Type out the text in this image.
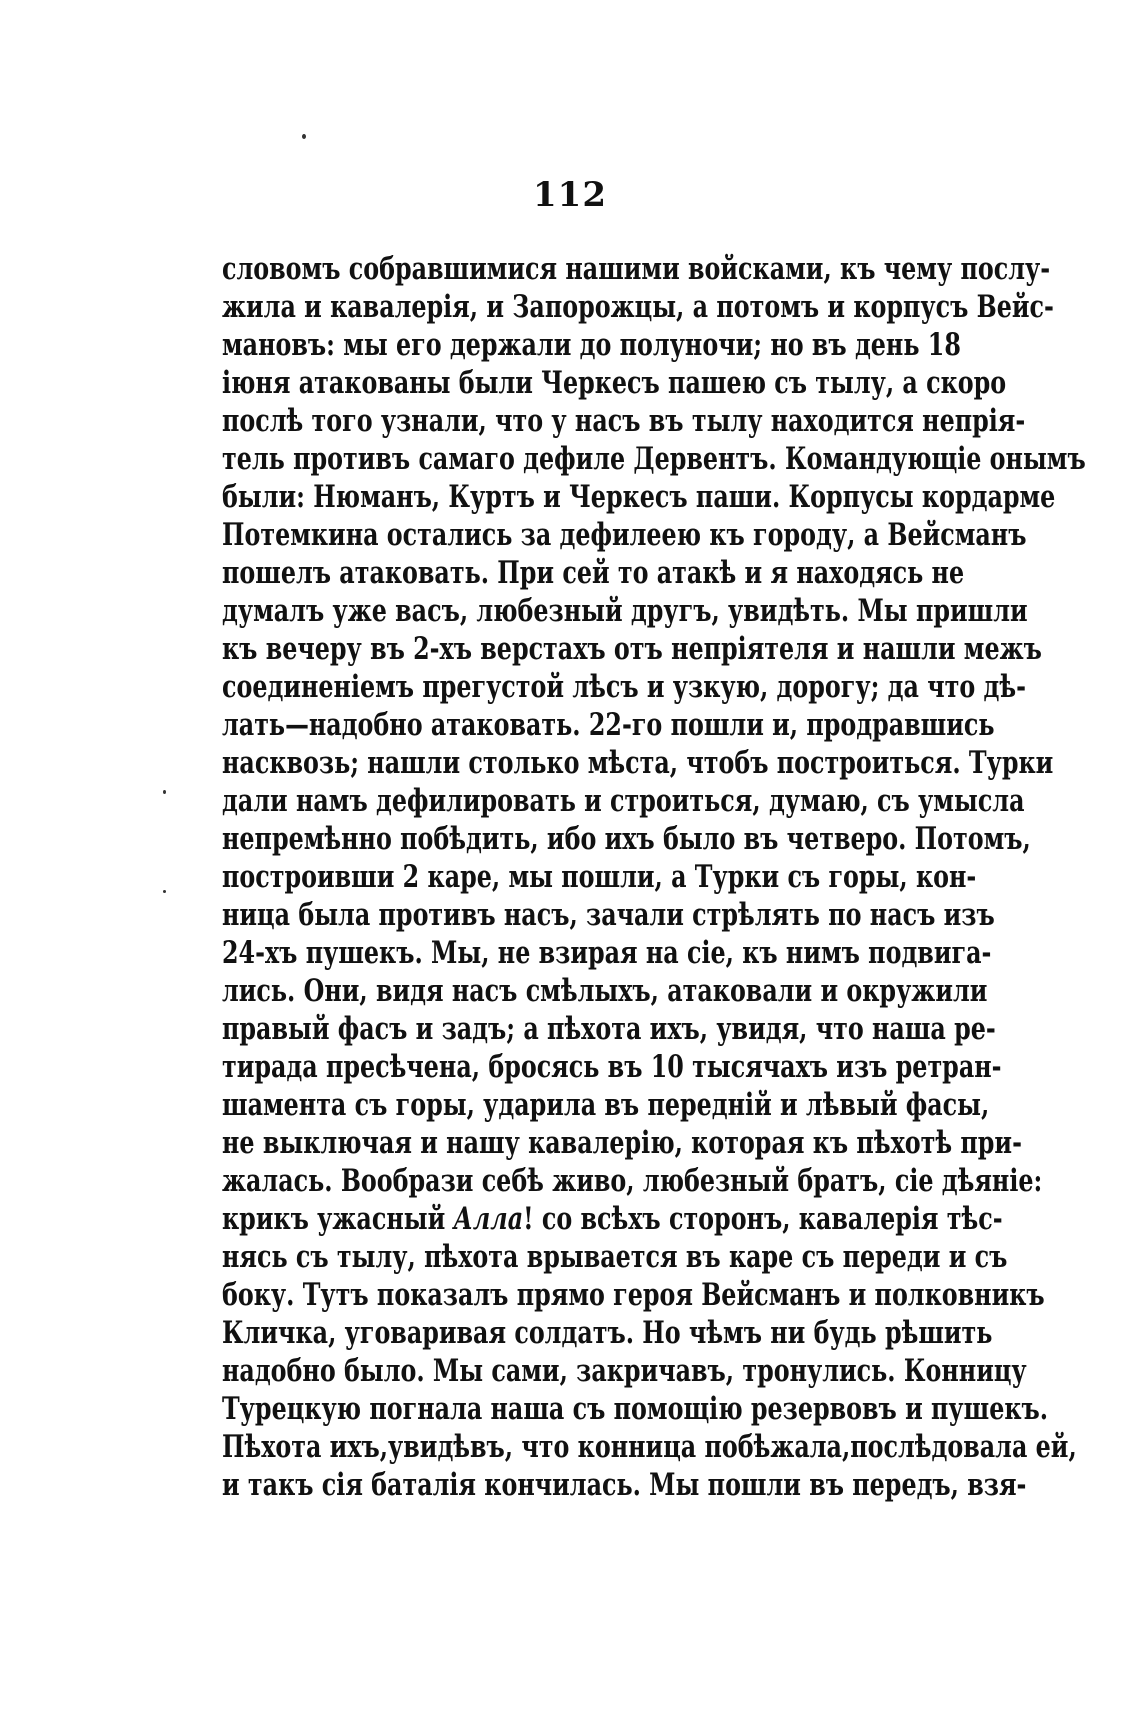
112
словомъ собравшимися нашими войсками, къ чему послу-
жила и кавалерія, и Запорожцы, а потомъ и корпусъ Вейс-
мановъ: мы его держали до полуночи; но въ день 18
іюня атакованы были Черкесъ пашею съ тылу, а скоро
послѣ того узнали, что у насъ въ тылу находится непрія-
тель противъ самаго дефиле Дервентъ. Командующіе онымъ
были: Нюманъ, Куртъ и Черкесъ паши. Корпусы кордарме
Потемкина остались за дефилеею къ городу, а Вейсманъ
пошелъ атаковать. При сей то атакѣ и я находясь не
думалъ уже васъ, любезный другъ, увидѣть. Мы пришли
къ вечеру въ 2-хъ верстахъ отъ непріятеля и нашли межъ
соединеніемъ прегустой лѣсъ и узкую, дорогу; да что дѣ-
лать—надобно атаковать. 22-го пошли и, продравшись
насквозь; нашли столько мѣста, чтобъ построиться. Турки
дали намъ дефилировать и строиться, думаю, съ умысла
непремѣнно побѣдить, ибо ихъ было въ четверо. Потомъ,
построивши 2 каре, мы пошли, а Турки съ горы, кон-
ница была противъ насъ, зачали стрѣлять по насъ изъ
24-хъ пушекъ. Мы, не взирая на сіе, къ нимъ подвига-
лись. Они, видя насъ смѣлыхъ, атаковали и окружили
правый фасъ и задъ; а пѣхота ихъ, увидя, что наша ре-
тирада пресѣчена, бросясь въ 10 тысячахъ изъ ретран-
шамента съ горы, ударила въ передній и лѣвый фасы,
не выключая и нашу кавалерію, которая къ пѣхотѣ при-
жалась. Вообрази себѣ живо, любезный братъ, сіе дѣяніе:
крикъ ужасный Алла! со всѣхъ сторонъ, кавалерія тѣс-
нясь съ тылу, пѣхота врывается въ каре съ переди и съ
боку. Тутъ показалъ прямо героя Вейсманъ и полковникъ
Кличка, уговаривая солдатъ. Но чѣмъ ни будь рѣшить
надобно было. Мы сами, закричавъ, тронулись. Конницу
Турецкую погнала наша съ помощію резервовъ и пушекъ.
Пѣхота ихъ,увидѣвъ, что конница побѣжала,послѣдовала ей,
и такъ сія баталія кончилась. Мы пошли въ передъ, взя-
